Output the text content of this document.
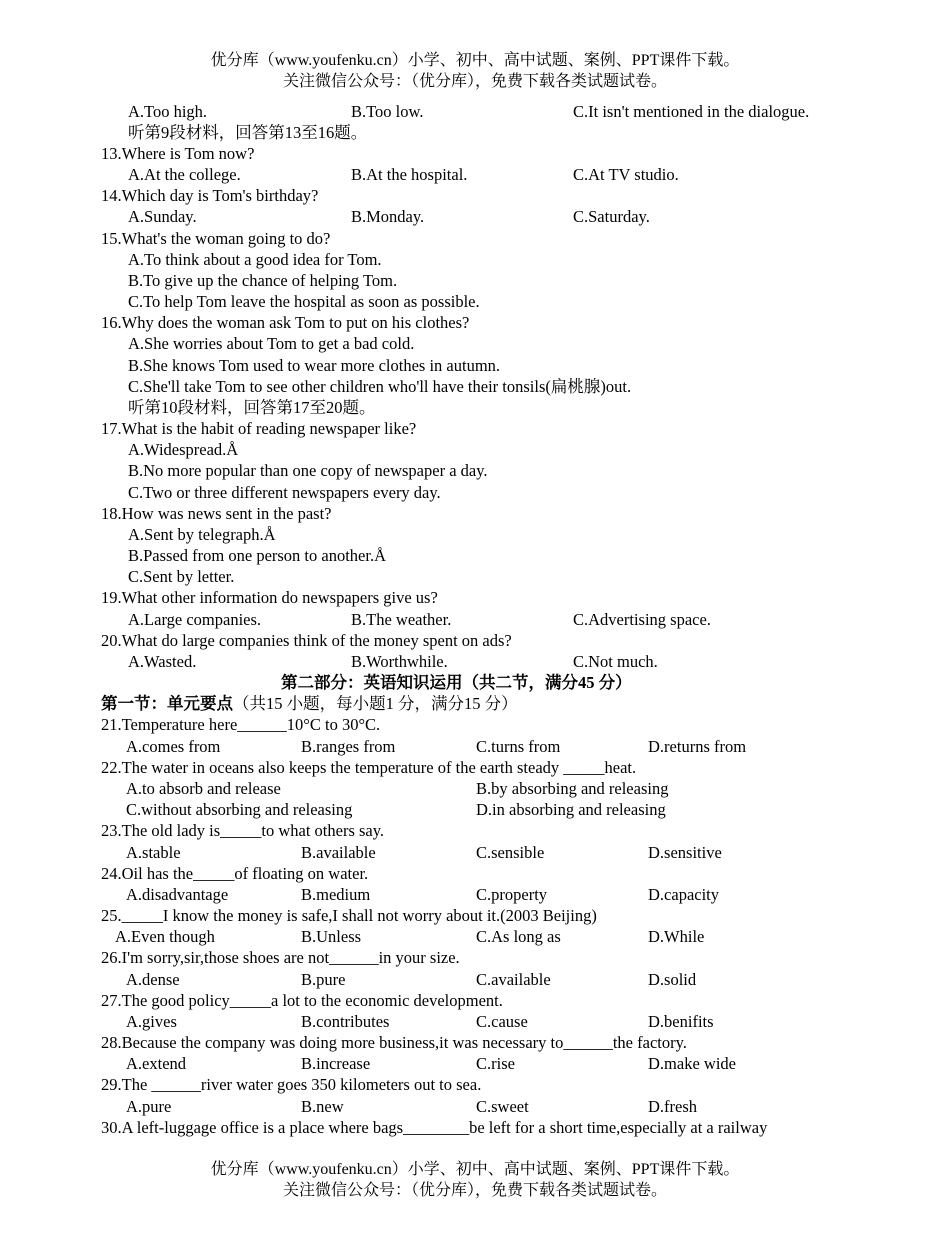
优分库（www.youfenku.cn）小学、初中、高中试题、案例、PPT课件下载。
关注微信公众号：（优分库），免费下载各类试题试卷。
A.Too high.	B.Too low.	C.It isn't mentioned in the dialogue.
听第9段材料，回答第13至16题。
13.Where is Tom now?
A.At the college.	B.At the hospital.	C.At TV studio.
14.Which day is Tom's birthday?
A.Sunday.	B.Monday.	C.Saturday.
15.What's the woman going to do?
A.To think about a good idea for Tom.
B.To give up the chance of helping Tom.
C.To help Tom leave the hospital as soon as possible.
16.Why does the woman ask Tom to put on his clothes?
A.She worries about Tom to get a bad cold.
B.She knows Tom used to wear more clothes in autumn.
C.She'll take Tom to see other children who'll have their tonsils(扁桃腺)out.
听第10段材料，回答第17至20题。
17.What is the habit of reading newspaper like?
A.Widespread.Å
B.No more popular than one copy of newspaper a day.
C.Two or three different newspapers every day.
18.How was news sent in the past?
A.Sent by telegraph.Å
B.Passed from one person to another.Å
C.Sent by letter.
19.What other information do newspapers give us?
A.Large companies.	B.The weather.	C.Advertising space.
20.What do large companies think of the money spent on ads?
A.Wasted.	B.Worthwhile.	C.Not much.
第二部分：英语知识运用（共二节，满分45 分）
第一节：单元要点（共15 小题，每小题1 分，满分15 分）
21.Temperature here______10°C to 30°C.
A.comes from	B.ranges from	C.turns from	D.returns from
22.The water in oceans also keeps the temperature of the earth steady _____heat.
A.to absorb and release	B.by absorbing and releasing
C.without absorbing and releasing	D.in absorbing and releasing
23.The old lady is_____to what others say.
A.stable	B.available	C.sensible	D.sensitive
24.Oil has the_____of floating on water.
A.disadvantage	B.medium	C.property	D.capacity
25._____I know the money is safe,I shall not worry about it.(2003 Beijing)
A.Even though	B.Unless	C.As long as	D.While
26.I'm sorry,sir,those shoes are not______in your size.
A.dense	B.pure	C.available	D.solid
27.The good policy_____a lot to the economic development.
A.gives	B.contributes	C.cause	D.benifits
28.Because the company was doing more business,it was necessary to______the factory.
A.extend	B.increase	C.rise	D.make wide
29.The ______river water goes 350 kilometers out to sea.
A.pure	B.new	C.sweet	D.fresh
30.A left-luggage office is a place where bags________be left for a short time,especially at a railway
优分库（www.youfenku.cn）小学、初中、高中试题、案例、PPT课件下载。
关注微信公众号：（优分库），免费下载各类试题试卷。
